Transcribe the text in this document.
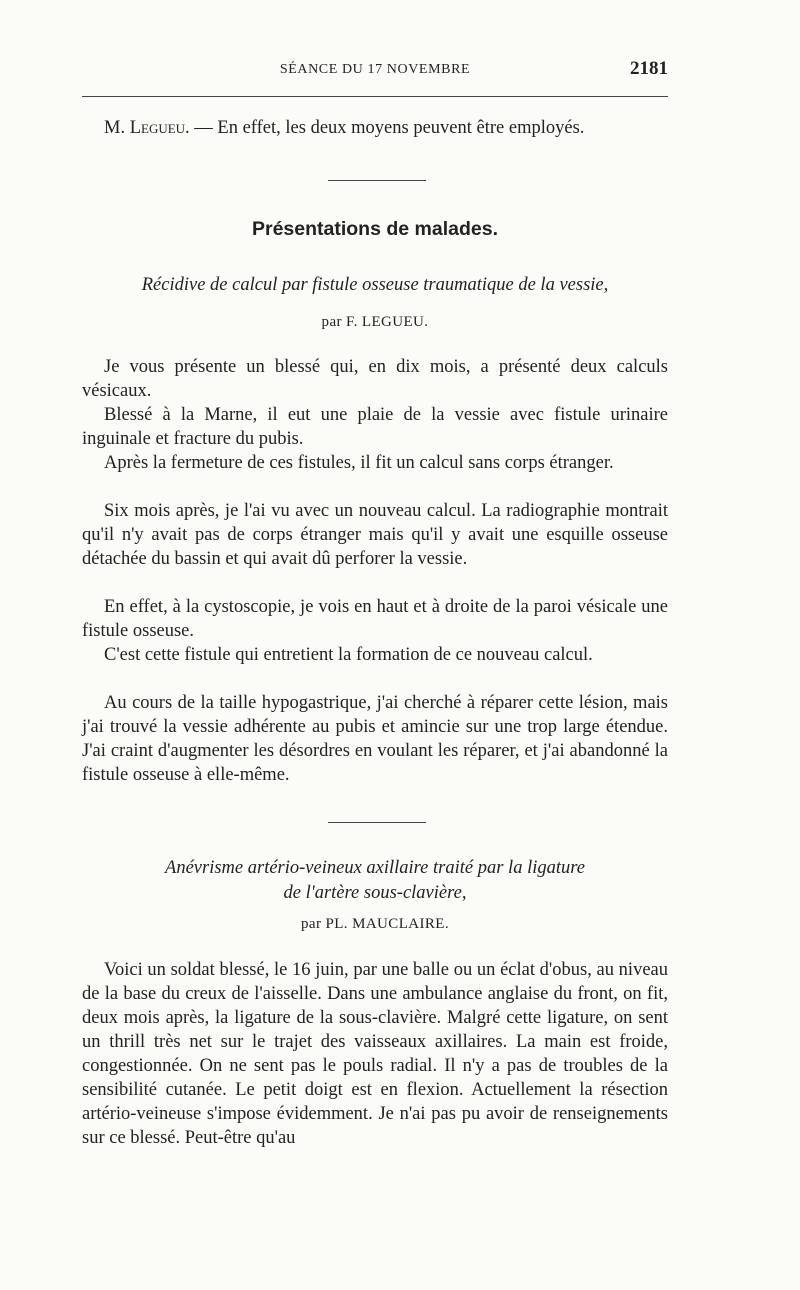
SÉANCE DU 17 NOVEMBRE	2181
M. Legueu. — En effet, les deux moyens peuvent être employés.
Présentations de malades.
Récidive de calcul par fistule osseuse traumatique de la vessie,
par F. LEGUEU.
Je vous présente un blessé qui, en dix mois, a présenté deux calculs vésicaux.
Blessé à la Marne, il eut une plaie de la vessie avec fistule urinaire inguinale et fracture du pubis.
Après la fermeture de ces fistules, il fit un calcul sans corps étranger.
Six mois après, je l'ai vu avec un nouveau calcul. La radiographie montrait qu'il n'y avait pas de corps étranger mais qu'il y avait une esquille osseuse détachée du bassin et qui avait dû perforer la vessie.
En effet, à la cystoscopie, je vois en haut et à droite de la paroi vésicale une fistule osseuse.
C'est cette fistule qui entretient la formation de ce nouveau calcul.
Au cours de la taille hypogastrique, j'ai cherché à réparer cette lésion, mais j'ai trouvé la vessie adhérente au pubis et amincie sur une trop large étendue. J'ai craint d'augmenter les désordres en voulant les réparer, et j'ai abandonné la fistule osseuse à elle-même.
Anévrisme artério-veineux axillaire traité par la ligature
de l'artère sous-clavière,
par PL. MAUCLAIRE.
Voici un soldat blessé, le 16 juin, par une balle ou un éclat d'obus, au niveau de la base du creux de l'aisselle. Dans une ambulance anglaise du front, on fit, deux mois après, la ligature de la sous-clavière. Malgré cette ligature, on sent un thrill très net sur le trajet des vaisseaux axillaires. La main est froide, congestionnée. On ne sent pas le pouls radial. Il n'y a pas de troubles de la sensibilité cutanée. Le petit doigt est en flexion. Actuellement la résection artério-veineuse s'impose évidemment. Je n'ai pas pu avoir de renseignements sur ce blessé. Peut-être qu'au
